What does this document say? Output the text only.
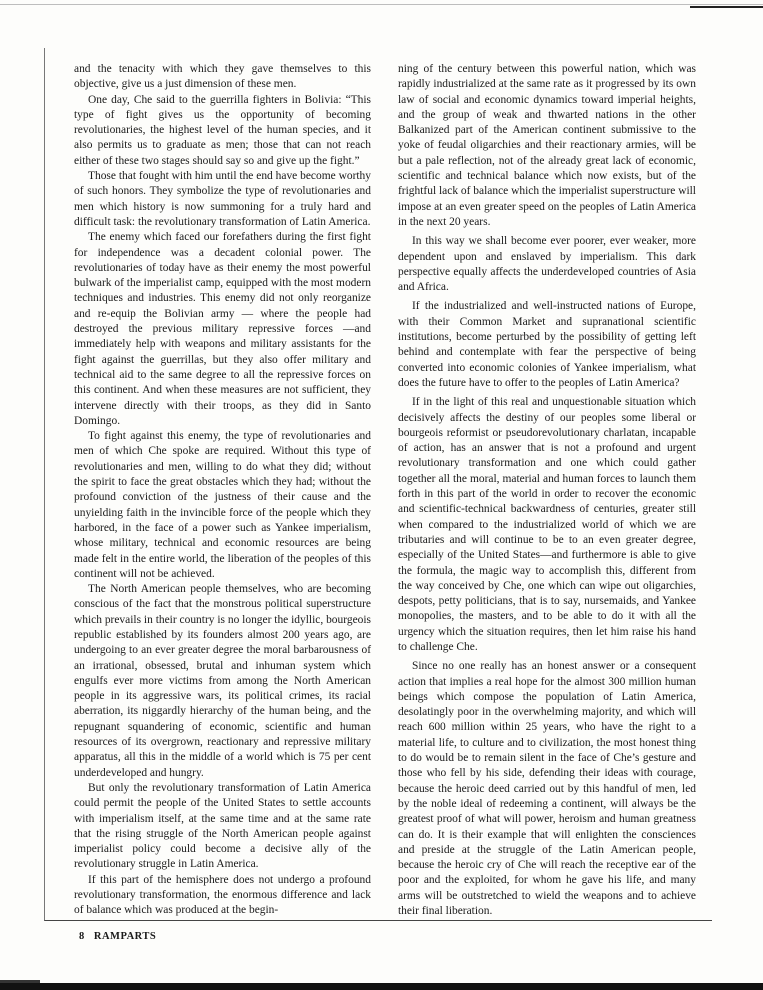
and the tenacity with which they gave themselves to this objective, give us a just dimension of these men.

One day, Che said to the guerrilla fighters in Bolivia: “This type of fight gives us the opportunity of becoming revolutionaries, the highest level of the human species, and it also permits us to graduate as men; those that can not reach either of these two stages should say so and give up the fight.”

Those that fought with him until the end have become worthy of such honors. They symbolize the type of revolutionaries and men which history is now summoning for a truly hard and difficult task: the revolutionary transformation of Latin America.

The enemy which faced our forefathers during the first fight for independence was a decadent colonial power. The revolutionaries of today have as their enemy the most powerful bulwark of the imperialist camp, equipped with the most modern techniques and industries. This enemy did not only reorganize and re-equip the Bolivian army — where the people had destroyed the previous military repressive forces —and immediately help with weapons and military assistants for the fight against the guerrillas, but they also offer military and technical aid to the same degree to all the repressive forces on this continent. And when these measures are not sufficient, they intervene directly with their troops, as they did in Santo Domingo.

To fight against this enemy, the type of revolutionaries and men of which Che spoke are required. Without this type of revolutionaries and men, willing to do what they did; without the spirit to face the great obstacles which they had; without the profound conviction of the justness of their cause and the unyielding faith in the invincible force of the people which they harbored, in the face of a power such as Yankee imperialism, whose military, technical and economic resources are being made felt in the entire world, the liberation of the peoples of this continent will not be achieved.

The North American people themselves, who are becoming conscious of the fact that the monstrous political superstructure which prevails in their country is no longer the idyllic, bourgeois republic established by its founders almost 200 years ago, are undergoing to an ever greater degree the moral barbarousness of an irrational, obsessed, brutal and inhuman system which engulfs ever more victims from among the North American people in its aggressive wars, its political crimes, its racial aberration, its niggardly hierarchy of the human being, and the repugnant squandering of economic, scientific and human resources of its overgrown, reactionary and repressive military apparatus, all this in the middle of a world which is 75 per cent underdeveloped and hungry.

But only the revolutionary transformation of Latin America could permit the people of the United States to settle accounts with imperialism itself, at the same time and at the same rate that the rising struggle of the North American people against imperialist policy could become a decisive ally of the revolutionary struggle in Latin America.

If this part of the hemisphere does not undergo a profound revolutionary transformation, the enormous difference and lack of balance which was produced at the begin-

ning of the century between this powerful nation, which was rapidly industrialized at the same rate as it progressed by its own law of social and economic dynamics toward imperial heights, and the group of weak and thwarted nations in the other Balkanized part of the American continent submissive to the yoke of feudal oligarchies and their reactionary armies, will be but a pale reflection, not of the already great lack of economic, scientific and technical balance which now exists, but of the frightful lack of balance which the imperialist superstructure will impose at an even greater speed on the peoples of Latin America in the next 20 years.

In this way we shall become ever poorer, ever weaker, more dependent upon and enslaved by imperialism. This dark perspective equally affects the underdeveloped countries of Asia and Africa.

If the industrialized and well-instructed nations of Europe, with their Common Market and supranational scientific institutions, become perturbed by the possibility of getting left behind and contemplate with fear the perspective of being converted into economic colonies of Yankee imperialism, what does the future have to offer to the peoples of Latin America?

If in the light of this real and unquestionable situation which decisively affects the destiny of our peoples some liberal or bourgeois reformist or pseudorevolutionary charlatan, incapable of action, has an answer that is not a profound and urgent revolutionary transformation and one which could gather together all the moral, material and human forces to launch them forth in this part of the world in order to recover the economic and scientific-technical backwardness of centuries, greater still when compared to the industrialized world of which we are tributaries and will continue to be to an even greater degree, especially of the United States—and furthermore is able to give the formula, the magic way to accomplish this, different from the way conceived by Che, one which can wipe out oligarchies, despots, petty politicians, that is to say, nursemaids, and Yankee monopolies, the masters, and to be able to do it with all the urgency which the situation requires, then let him raise his hand to challenge Che.

Since no one really has an honest answer or a consequent action that implies a real hope for the almost 300 million human beings which compose the population of Latin America, desolatingly poor in the overwhelming majority, and which will reach 600 million within 25 years, who have the right to a material life, to culture and to civilization, the most honest thing to do would be to remain silent in the face of Che’s gesture and those who fell by his side, defending their ideas with courage, because the heroic deed carried out by this handful of men, led by the noble ideal of redeeming a continent, will always be the greatest proof of what will power, heroism and human greatness can do. It is their example that will enlighten the consciences and preside at the struggle of the Latin American people, because the heroic cry of Che will reach the receptive ear of the poor and the exploited, for whom he gave his life, and many arms will be outstretched to wield the weapons and to achieve their final liberation.

8 RAMPARTS
